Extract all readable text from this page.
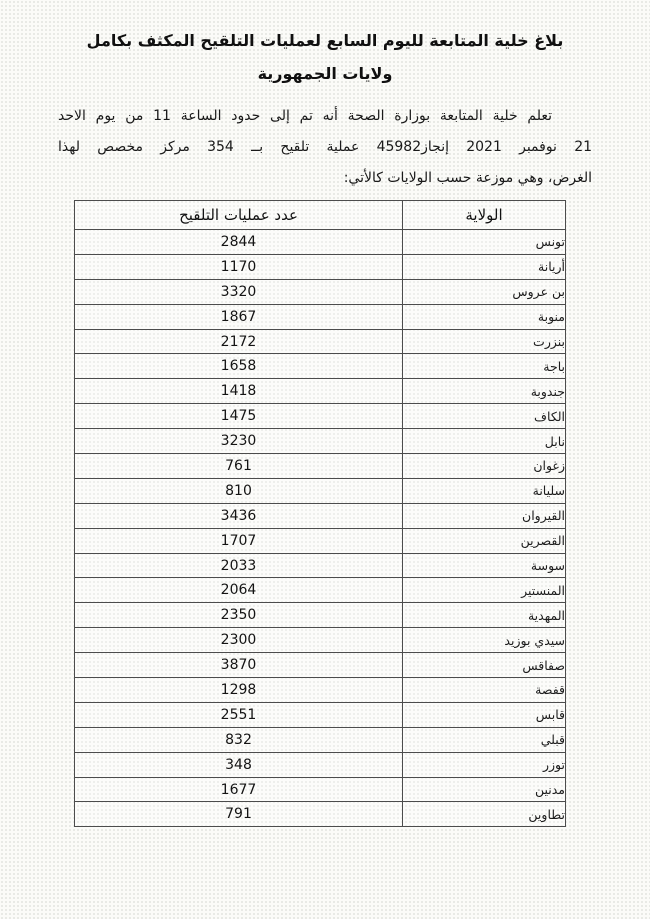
بلاغ خلية المتابعة لليوم السابع لعمليات التلقيح المكثف بكامل
ولايات الجمهورية
تعلم خلية المتابعة بوزارة الصحة أنه تم إلى حدود الساعة 11 من يوم الاحد
21 نوفمبر 2021 إنجاز45982 عملية تلقيح بــ 354 مركز مخصص لهذا
الغرض، وهي موزعة حسب الولايات كالأتي:
الولاية	عدد عمليات التلقيح
تونس	2844
أريانة	1170
بن عروس	3320
منوبة	1867
بنزرت	2172
باجة	1658
جندوبة	1418
الكاف	1475
نابل	3230
زغوان	761
سليانة	810
القيروان	3436
القصرين	1707
سوسة	2033
المنستير	2064
المهدية	2350
سيدي بوزيد	2300
صفاقس	3870
قفصة	1298
قابس	2551
قبلي	832
توزر	348
مدنين	1677
تطاوين	791
